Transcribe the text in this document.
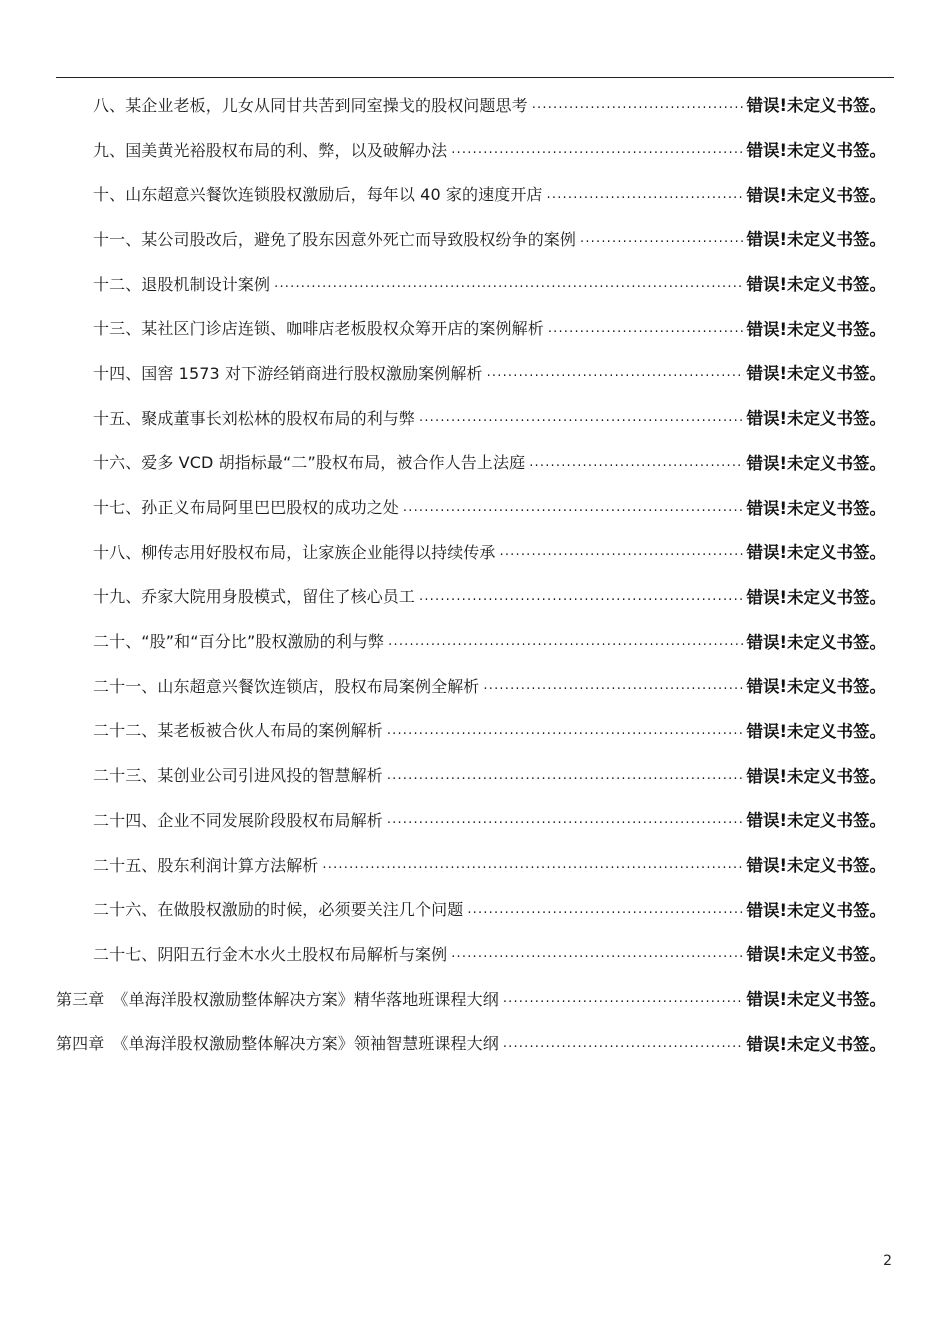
八、某企业老板，儿女从同甘共苦到同室操戈的股权问题思考 .....	错误!未定义书签。
九、国美黄光裕股权布局的利、弊，以及破解办法 .....	错误!未定义书签。
十、山东超意兴餐饮连锁股权激励后，每年以 40 家的速度开店 .....	错误!未定义书签。
十一、某公司股改后，避免了股东因意外死亡而导致股权纷争的案例 .....	错误!未定义书签。
十二、退股机制设计案例 .....	错误!未定义书签。
十三、某社区门诊店连锁、咖啡店老板股权众筹开店的案例解析 .....	错误!未定义书签。
十四、国窖 1573 对下游经销商进行股权激励案例解析 .....	错误!未定义书签。
十五、聚成董事长刘松林的股权布局的利与弊 .....	错误!未定义书签。
十六、爱多 VCD 胡指标最“二”股权布局，被合作人告上法庭 .....	错误!未定义书签。
十七、孙正义布局阿里巴巴股权的成功之处 .....	错误!未定义书签。
十八、柳传志用好股权布局，让家族企业能得以持续传承 .....	错误!未定义书签。
十九、乔家大院用身股模式，留住了核心员工 .....	错误!未定义书签。
二十、“股”和“百分比”股权激励的利与弊 .....	错误!未定义书签。
二十一、山东超意兴餐饮连锁店，股权布局案例全解析 .....	错误!未定义书签。
二十二、某老板被合伙人布局的案例解析 .....	错误!未定义书签。
二十三、某创业公司引进风投的智慧解析 .....	错误!未定义书签。
二十四、企业不同发展阶段股权布局解析 .....	错误!未定义书签。
二十五、股东利润计算方法解析 .....	错误!未定义书签。
二十六、在做股权激励的时候，必须要关注几个问题 .....	错误!未定义书签。
二十七、阴阳五行金木水火土股权布局解析与案例 .....	错误!未定义书签。
第三章　《单海洋股权激励整体解决方案》精华落地班课程大纲 .....	错误!未定义书签。
第四章　《单海洋股权激励整体解决方案》领袖智慧班课程大纲 .....	错误!未定义书签。
2
